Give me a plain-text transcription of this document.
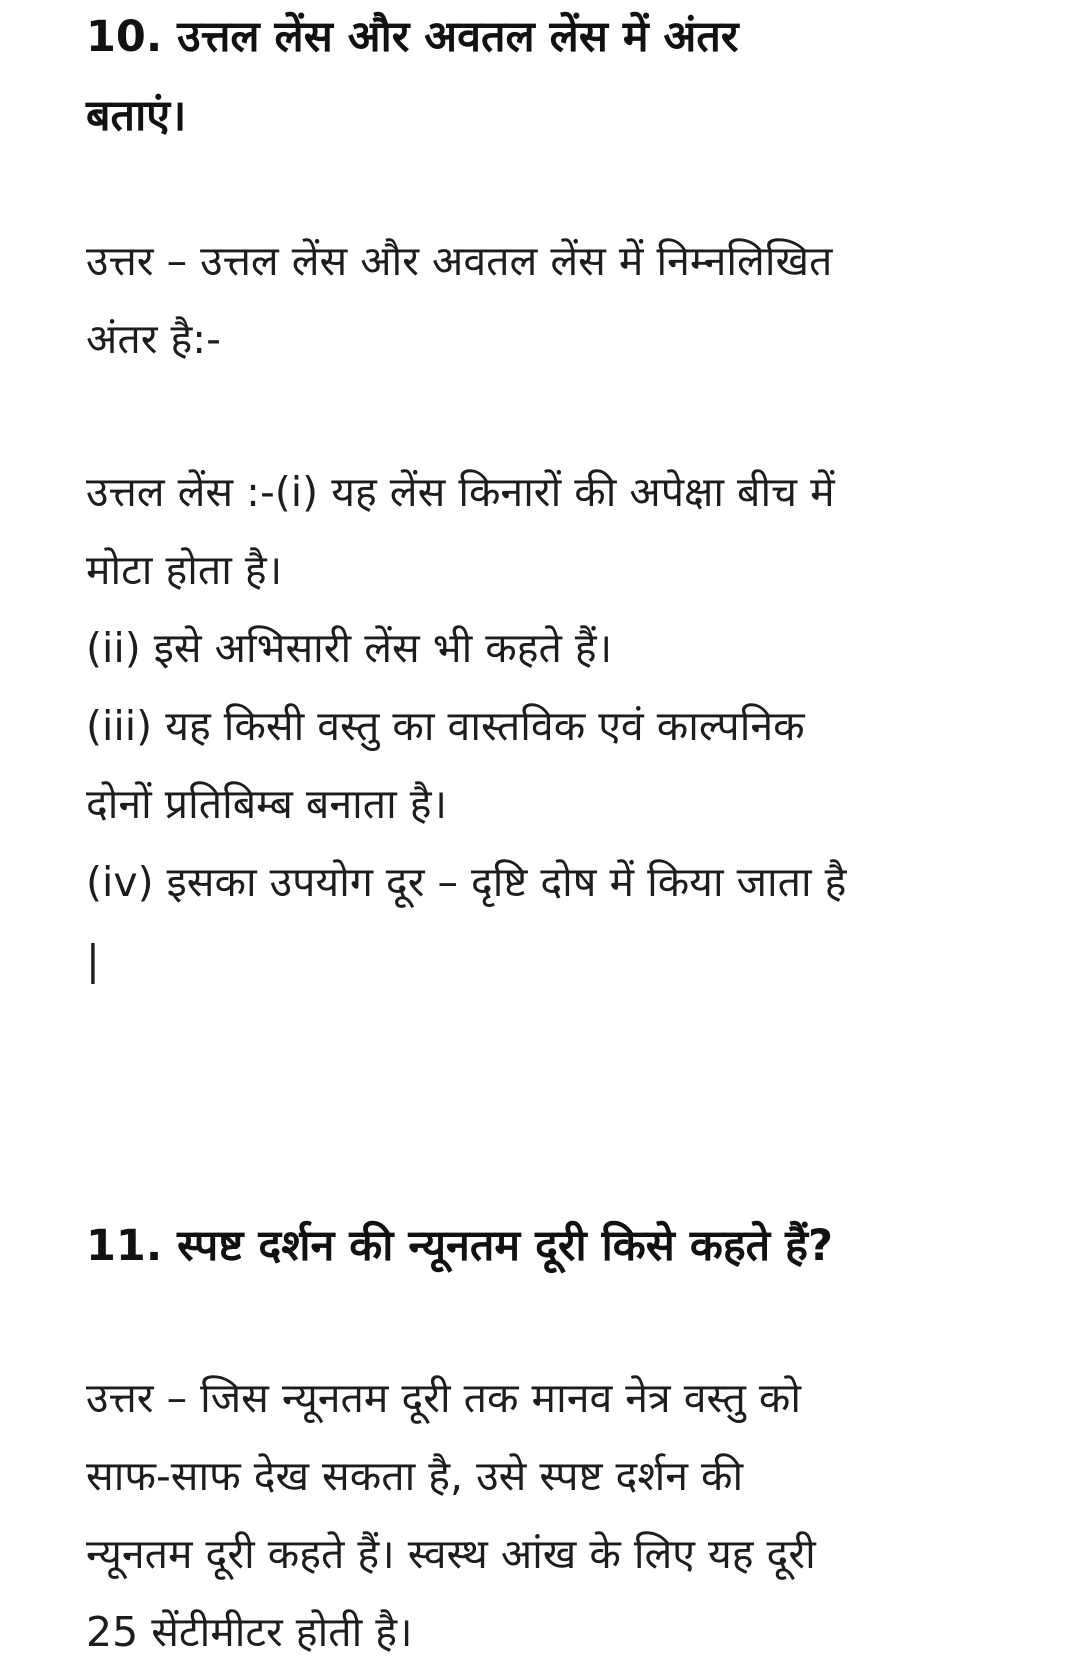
10. उत्तल लेंस और अवतल लेंस में अंतर
बताएं।

उत्तर – उत्तल लेंस और अवतल लेंस में निम्नलिखित
अंतर है:-

उत्तल लेंस :-(i) यह लेंस किनारों की अपेक्षा बीच में
मोटा होता है।
(ii) इसे अभिसारी लेंस भी कहते हैं।
(iii) यह किसी वस्तु का वास्तविक एवं काल्पनिक
दोनों प्रतिबिम्ब बनाता है।
(iv) इसका उपयोग दूर – दृष्टि दोष में किया जाता है
|

11. स्पष्ट दर्शन की न्यूनतम दूरी किसे कहते हैं?

उत्तर – जिस न्यूनतम दूरी तक मानव नेत्र वस्तु को
साफ-साफ देख सकता है, उसे स्पष्ट दर्शन की
न्यूनतम दूरी कहते हैं। स्वस्थ आंख के लिए यह दूरी
25 सेंटीमीटर होती है।
